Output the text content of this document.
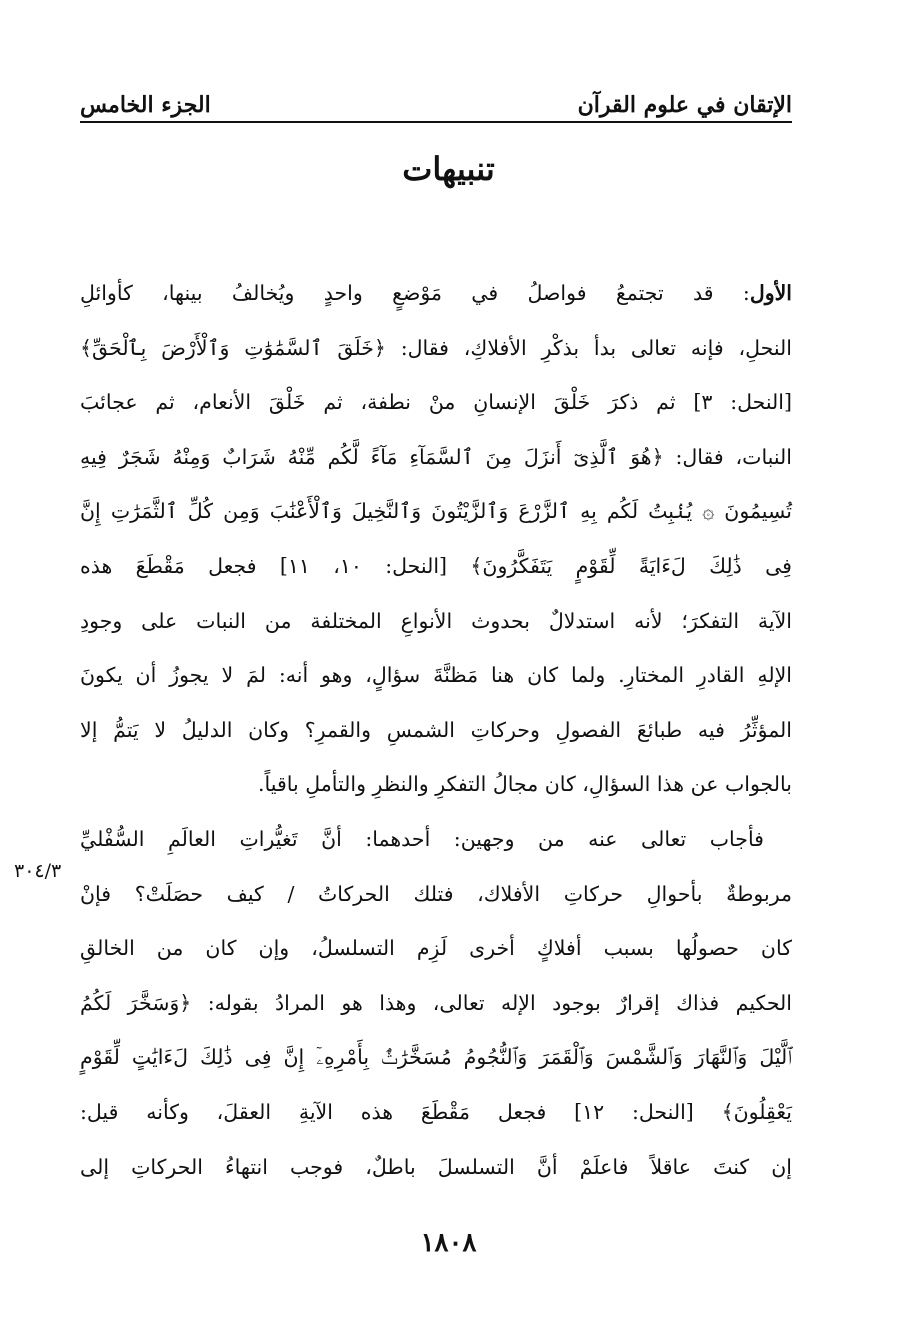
الإتقان في علوم القرآن
الجزء الخامس
تنبيهات
الأول: قد تجتمعُ فواصلُ في مَوْضعٍ واحدٍ ويُخالفُ بينها، كأوائلِ
النحلِ، فإنه تعالى بدأ بذكْرِ الأفلاكِ، فقال: ﴿خَلَقَ ٱلسَّمَٰوَٰتِ وَٱلْأَرْضَ بِٱلْحَقِّ﴾
[النحل: ٣] ثم ذكرَ خَلْقَ الإنسانِ منْ نطفة، ثم خَلْقَ الأنعام، ثم عجائبَ
النبات، فقال: ﴿هُوَ ٱلَّذِىٓ أَنزَلَ مِنَ ٱلسَّمَآءِ مَآءً لَّكُم مِّنْهُ شَرَابٌ وَمِنْهُ شَجَرٌ فِيهِ
تُسِيمُونَ ۞ يُنۢبِتُ لَكُم بِهِ ٱلزَّرْعَ وَٱلزَّيْتُونَ وَٱلنَّخِيلَ وَٱلْأَعْنَٰبَ وَمِن كُلِّ ٱلثَّمَرَٰتِ إِنَّ
فِى ذَٰلِكَ لَءَايَةً لِّقَوْمٍ يَتَفَكَّرُونَ﴾ [النحل: ١٠، ١١] فجعل مَقْطَعَ هذه
الآية التفكرَ؛ لأنه استدلالٌ بحدوث الأنواعِ المختلفة من النبات على وجودِ
الإلهِ القادرِ المختارِ. ولما كان هنا مَظنَّةَ سؤالٍ، وهو أنه: لمَ لا يجوزُ أن يكونَ
المؤثِّرُ فيه طبائعَ الفصولِ وحركاتِ الشمسِ والقمرِ؟ وكان الدليلُ لا يَتمُّ إلا
بالجواب عن هذا السؤالِ، كان مجالُ التفكرِ والنظرِ والتأملِ باقياً.
فأجاب تعالى عنه من وجهين: أحدهما: أنَّ تَغيُّراتِ العالَمِ السُّفْليِّ
مربوطةٌ بأحوالِ حركاتِ الأفلاك، فتلك الحركاتُ / كيف حصَلَتْ؟ فإنْ
كان حصولُها بسبب أفلاكٍ أخرى لَزِم التسلسلُ، وإن كان من الخالقِ
الحكيم فذاك إقرارٌ بوجود الإله تعالى، وهذا هو المرادُ بقوله: ﴿وَسَخَّرَ لَكُمُ
ٱلَّيْلَ وَٱلنَّهَارَ وَٱلشَّمْسَ وَٱلْقَمَرَ وَٱلنُّجُومُ مُسَخَّرَٰتٌۢ بِأَمْرِهِۦٓ إِنَّ فِى ذَٰلِكَ لَءَايَٰتٍ لِّقَوْمٍ
يَعْقِلُونَ﴾ [النحل: ١٢] فجعل مَقْطَعَ هذه الآيةِ العقلَ، وكأنه قيل:
إن كنتَ عاقلاً فاعلَمْ أنَّ التسلسلَ باطلٌ، فوجب انتهاءُ الحركاتِ إلى
٣٠٤/٣
١٨٠٨
